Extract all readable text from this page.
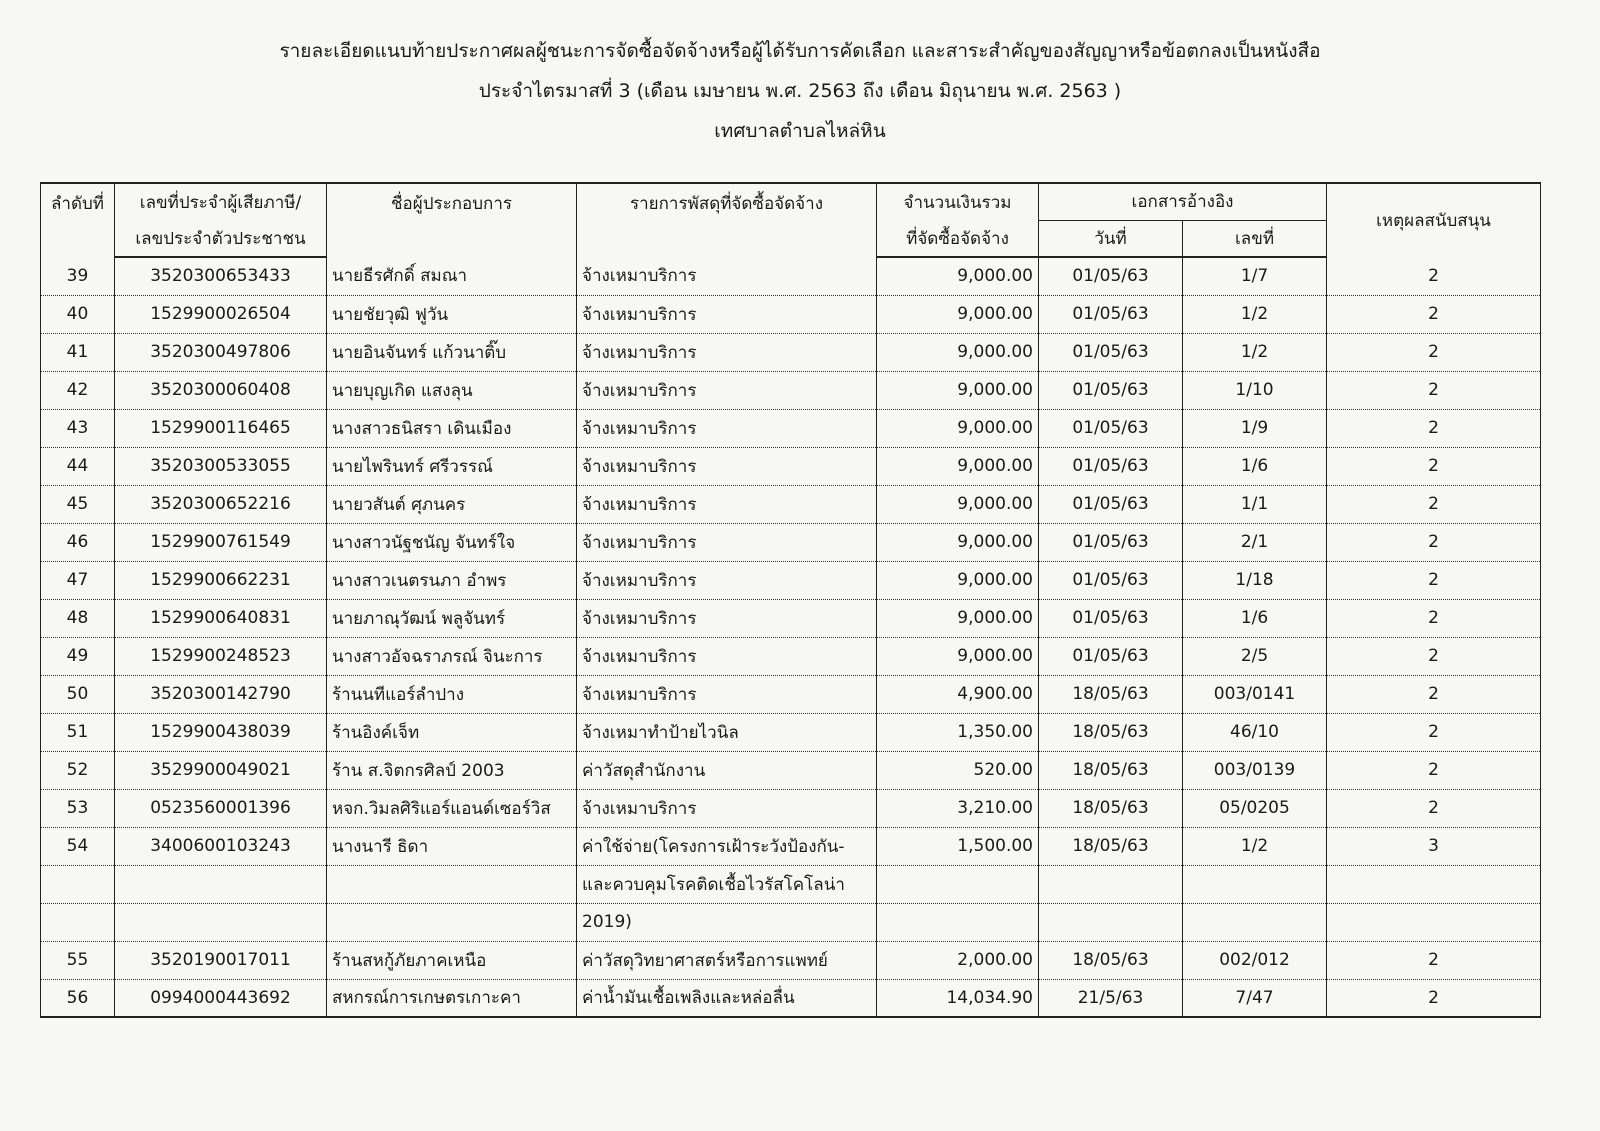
รายละเอียดแนบท้ายประกาศผลผู้ชนะการจัดซื้อจัดจ้างหรือผู้ได้รับการคัดเลือก และสาระสำคัญของสัญญาหรือข้อตกลงเป็นหนังสือ
ประจำไตรมาสที่ 3 (เดือน เมษายน พ.ศ. 2563 ถึง เดือน มิถุนายน พ.ศ. 2563 )
เทศบาลตำบลไหล่หิน
ลำดับที่	เลขที่ประจำผู้เสียภาษี/	ชื่อผู้ประกอบการ	รายการพัสดุที่จัดซื้อจัดจ้าง	จำนวนเงินรวม	เอกสารอ้างอิง		เหตุผลสนับสนุน
	เลขประจำตัวประชาชน			ที่จัดซื้อจัดจ้าง	วันที่	เลขที่	
39	3520300653433	นายธีรศักดิ์ สมณา	จ้างเหมาบริการ	9,000.00	01/05/63	1/7	2
40	1529900026504	นายชัยวุฒิ ฟูวัน	จ้างเหมาบริการ	9,000.00	01/05/63	1/2	2
41	3520300497806	นายอินจันทร์ แก้วนาติ๊บ	จ้างเหมาบริการ	9,000.00	01/05/63	1/2	2
42	3520300060408	นายบุญเกิด แสงลุน	จ้างเหมาบริการ	9,000.00	01/05/63	1/10	2
43	1529900116465	นางสาวธนิสรา เดินเมือง	จ้างเหมาบริการ	9,000.00	01/05/63	1/9	2
44	3520300533055	นายไพรินทร์ ศรีวรรณ์	จ้างเหมาบริการ	9,000.00	01/05/63	1/6	2
45	3520300652216	นายวสันต์ ศุภนคร	จ้างเหมาบริการ	9,000.00	01/05/63	1/1	2
46	1529900761549	นางสาวนัฐชนัญ จันทร์ใจ	จ้างเหมาบริการ	9,000.00	01/05/63	2/1	2
47	1529900662231	นางสาวเนตรนภา อำพร	จ้างเหมาบริการ	9,000.00	01/05/63	1/18	2
48	1529900640831	นายภาณุวัฒน์ พลูจันทร์	จ้างเหมาบริการ	9,000.00	01/05/63	1/6	2
49	1529900248523	นางสาวอัจฉราภรณ์ จินะการ	จ้างเหมาบริการ	9,000.00	01/05/63	2/5	2
50	3520300142790	ร้านนทีแอร์ลำปาง	จ้างเหมาบริการ	4,900.00	18/05/63	003/0141	2
51	1529900438039	ร้านอิงค์เจ็ท	จ้างเหมาทำป้ายไวนิล	1,350.00	18/05/63	46/10	2
52	3529900049021	ร้าน ส.จิตกรศิลป์ 2003	ค่าวัสดุสำนักงาน	520.00	18/05/63	003/0139	2
53	0523560001396	หจก.วิมลศิริแอร์แอนด์เซอร์วิส	จ้างเหมาบริการ	3,210.00	18/05/63	05/0205	2
54	3400600103243	นางนารี ธิดา	ค่าใช้จ่าย(โครงการเฝ้าระวังป้องกัน-	1,500.00	18/05/63	1/2	3
			และควบคุมโรคติดเชื้อไวรัสโคโลน่า				
			2019)				
55	3520190017011	ร้านสหกู้ภัยภาคเหนือ	ค่าวัสดุวิทยาศาสตร์หรือการแพทย์	2,000.00	18/05/63	002/012	2
56	0994000443692	สหกรณ์การเกษตรเกาะคา	ค่าน้ำมันเชื้อเพลิงและหล่อลื่น	14,034.90	21/5/63	7/47	2
